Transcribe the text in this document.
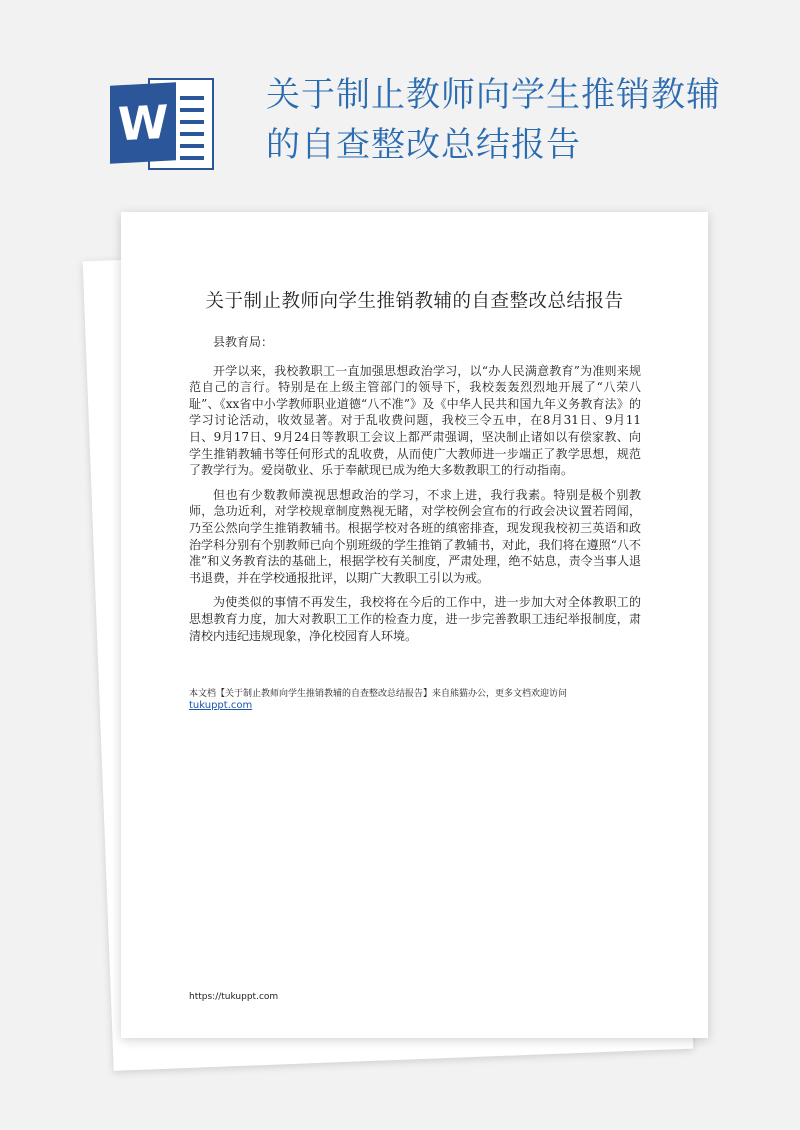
W	关于制止教师向学生推销教辅
的自查整改总结报告
关于制止教师向学生推销教辅的自查整改总结报告

县教育局：

开学以来，我校教职工一直加强思想政治学习，以“办人民满意教育”为准则来规范自己的言行。特别是在上级主管部门的领导下，我校轰轰烈烈地开展了“八荣八耻”、《xx省中小学教师职业道德“八不准”》及《中华人民共和国九年义务教育法》的学习讨论活动，收效显著。对于乱收费问题，我校三令五申，在8月31日、9月11日、9月17日、9月24日等教职工会议上都严肃强调，坚决制止诸如以有偿家教、向学生推销教辅书等任何形式的乱收费，从而使广大教师进一步端正了教学思想，规范了教学行为。爱岗敬业、乐于奉献现已成为绝大多数教职工的行动指南。

但也有少数教师漠视思想政治的学习，不求上进，我行我素。特别是极个别教师，急功近利，对学校规章制度熟视无睹，对学校例会宣布的行政会决议置若罔闻，乃至公然向学生推销教辅书。根据学校对各班的缜密排查，现发现我校初三英语和政治学科分别有个别教师已向个别班级的学生推销了教辅书，对此，我们将在遵照“八不准”和义务教育法的基础上，根据学校有关制度，严肃处理，绝不姑息，责令当事人退书退费，并在学校通报批评，以期广大教职工引以为戒。

为使类似的事情不再发生，我校将在今后的工作中，进一步加大对全体教职工的思想教育力度，加大对教职工工作的检查力度，进一步完善教职工违纪举报制度，肃清校内违纪违规现象，净化校园育人环境。

本文档【关于制止教师向学生推销教辅的自查整改总结报告】来自熊猫办公，更多文档欢迎访问
tukuppt.com
https://tukuppt.com
